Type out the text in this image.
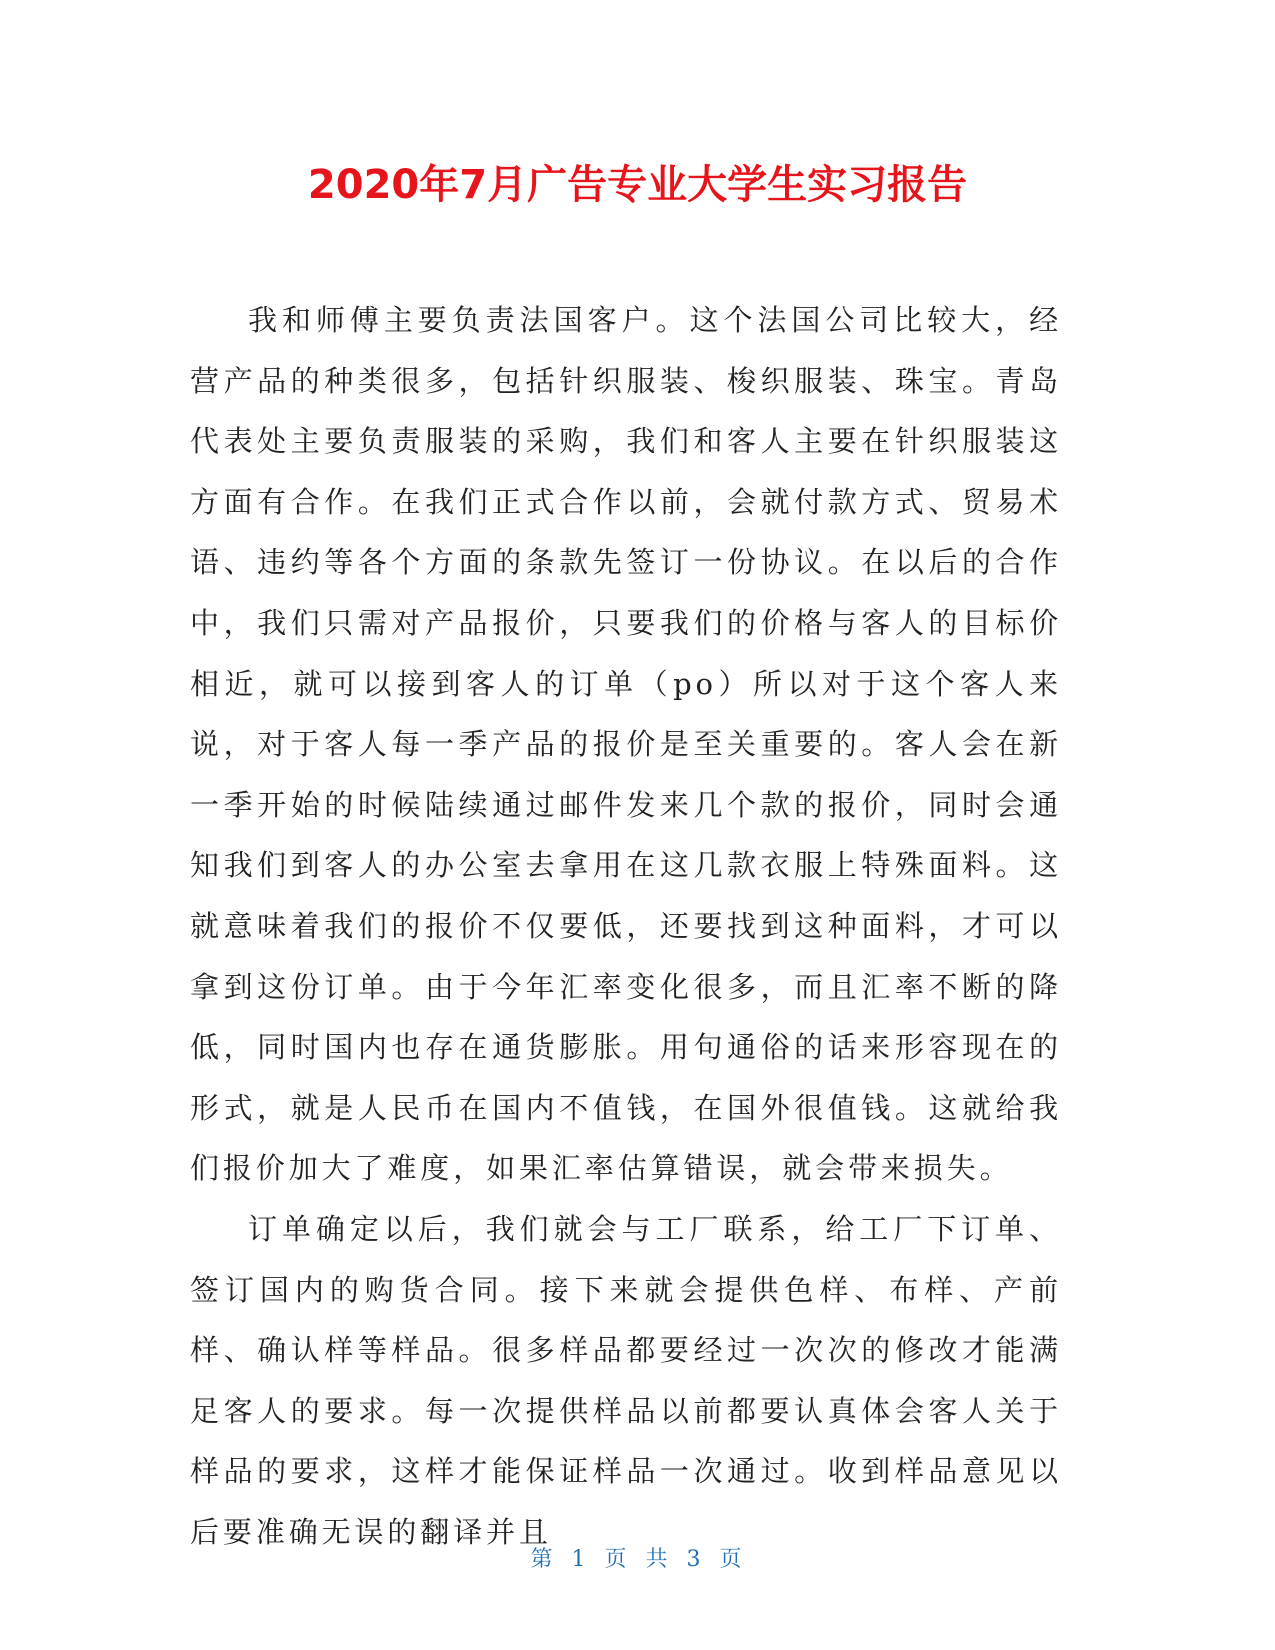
2020年7月广告专业大学生实习报告

我和师傅主要负责法国客户。这个法国公司比较大，经营产品的种类很多，包括针织服装、梭织服装、珠宝。青岛代表处主要负责服装的采购，我们和客人主要在针织服装这方面有合作。在我们正式合作以前，会就付款方式、贸易术语、违约等各个方面的条款先签订一份协议。在以后的合作中，我们只需对产品报价，只要我们的价格与客人的目标价相近，就可以接到客人的订单（po）所以对于这个客人来说，对于客人每一季产品的报价是至关重要的。客人会在新一季开始的时候陆续通过邮件发来几个款的报价，同时会通知我们到客人的办公室去拿用在这几款衣服上特殊面料。这就意味着我们的报价不仅要低，还要找到这种面料，才可以拿到这份订单。由于今年汇率变化很多，而且汇率不断的降低，同时国内也存在通货膨胀。用句通俗的话来形容现在的形式，就是人民币在国内不值钱，在国外很值钱。这就给我们报价加大了难度，如果汇率估算错误，就会带来损失。

订单确定以后，我们就会与工厂联系，给工厂下订单、签订国内的购货合同。接下来就会提供色样、布样、产前样、确认样等样品。很多样品都要经过一次次的修改才能满足客人的要求。每一次提供样品以前都要认真体会客人关于样品的要求，这样才能保证样品一次通过。收到样品意见以后要准确无误的翻译并且

第 1 页 共 3 页
